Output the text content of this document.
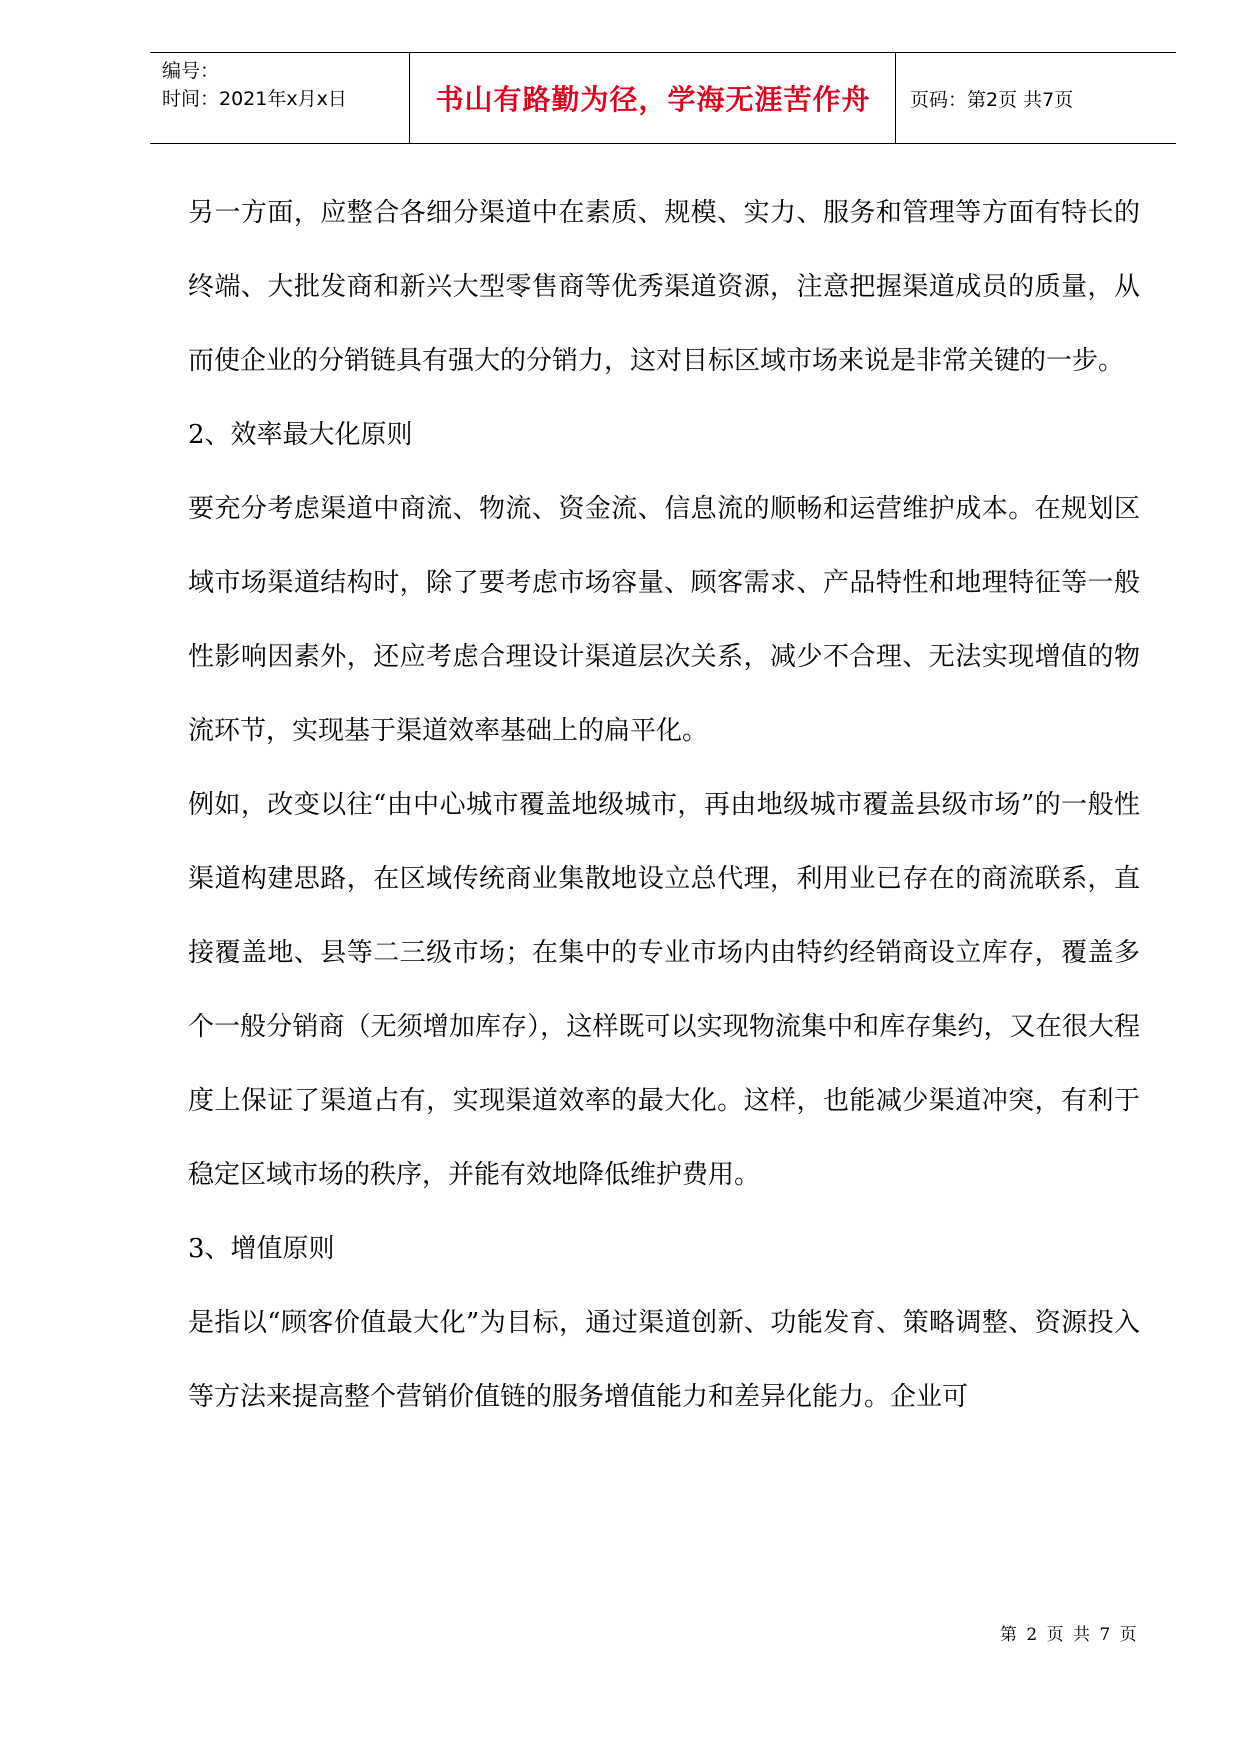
编号：
时间：2021年x月x日	书山有路勤为径，学海无涯苦作舟	页码：第2页 共7页

另一方面，应整合各细分渠道中在素质、规模、实力、服务和管理等方面有特长的终端、大批发商和新兴大型零售商等优秀渠道资源，注意把握渠道成员的质量，从而使企业的分销链具有强大的分销力，这对目标区域市场来说是非常关键的一步。

2、效率最大化原则

要充分考虑渠道中商流、物流、资金流、信息流的顺畅和运营维护成本。在规划区域市场渠道结构时，除了要考虑市场容量、顾客需求、产品特性和地理特征等一般性影响因素外，还应考虑合理设计渠道层次关系，减少不合理、无法实现增值的物流环节，实现基于渠道效率基础上的扁平化。

例如，改变以往“由中心城市覆盖地级城市，再由地级城市覆盖县级市场”的一般性渠道构建思路，在区域传统商业集散地设立总代理，利用业已存在的商流联系，直接覆盖地、县等二三级市场；在集中的专业市场内由特约经销商设立库存，覆盖多个一般分销商（无须增加库存），这样既可以实现物流集中和库存集约，又在很大程度上保证了渠道占有，实现渠道效率的最大化。这样，也能减少渠道冲突，有利于稳定区域市场的秩序，并能有效地降低维护费用。

3、增值原则

是指以“顾客价值最大化”为目标，通过渠道创新、功能发育、策略调整、资源投入等方法来提高整个营销价值链的服务增值能力和差异化能力。企业可

第 2 页 共 7 页
